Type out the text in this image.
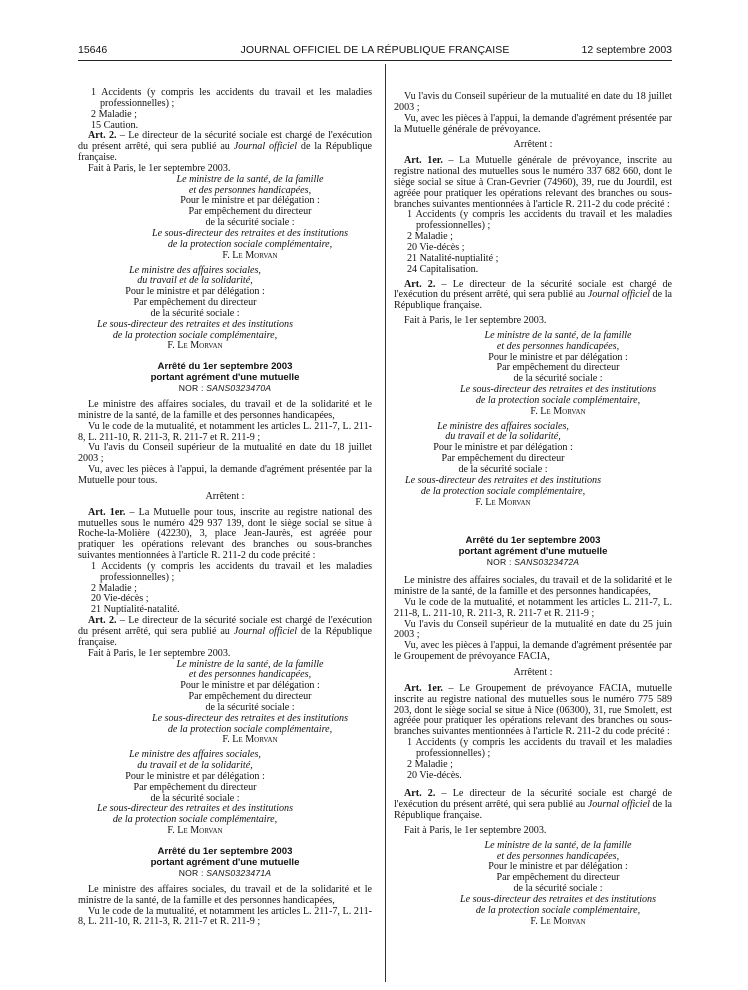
15646	JOURNAL OFFICIEL DE LA RÉPUBLIQUE FRANÇAISE	12 septembre 2003

1 Accidents (y compris les accidents du travail et les maladies professionnelles) ;

2 Maladie ;

15 Caution.

Art. 2. – Le directeur de la sécurité sociale est chargé de l'exécution du présent arrêté, qui sera publié au Journal officiel de la République française.

Fait à Paris, le 1er septembre 2003.

Le ministre de la santé, de la famille

et des personnes handicapées,

Pour le ministre et par délégation :

Par empêchement du directeur

de la sécurité sociale :

Le sous-directeur des retraites et des institutions

de la protection sociale complémentaire,

F. Le Morvan

Le ministre des affaires sociales,

du travail et de la solidarité,

Pour le ministre et par délégation :

Par empêchement du directeur

de la sécurité sociale :

Le sous-directeur des retraites et des institutions

de la protection sociale complémentaire,

F. Le Morvan

Arrêté du 1er septembre 2003

portant agrément d'une mutuelle

NOR : SANS0323470A

Le ministre des affaires sociales, du travail et de la solidarité et le ministre de la santé, de la famille et des personnes handicapées,

Vu le code de la mutualité, et notamment les articles L. 211-7, L. 211-8, L. 211-10, R. 211-3, R. 211-7 et R. 211-9 ;

Vu l'avis du Conseil supérieur de la mutualité en date du 18 juillet 2003 ;

Vu, avec les pièces à l'appui, la demande d'agrément présentée par la Mutuelle pour tous.

Arrêtent :

Art. 1er. – La Mutuelle pour tous, inscrite au registre national des mutuelles sous le numéro 429 937 139, dont le siège social se situe à Roche-la-Molière (42230), 3, place Jean-Jaurès, est agréée pour pratiquer les opérations relevant des branches ou sous-branches suivantes mentionnées à l'article R. 211-2 du code précité :

1 Accidents (y compris les accidents du travail et les maladies professionnelles) ;

2 Maladie ;

20 Vie-décès ;

21 Nuptialité-natalité.

Art. 2. – Le directeur de la sécurité sociale est chargé de l'exécution du présent arrêté, qui sera publié au Journal officiel de la République française.

Fait à Paris, le 1er septembre 2003.

Le ministre de la santé, de la famille

et des personnes handicapées,

Pour le ministre et par délégation :

Par empêchement du directeur

de la sécurité sociale :

Le sous-directeur des retraites et des institutions

de la protection sociale complémentaire,

F. Le Morvan

Le ministre des affaires sociales,

du travail et de la solidarité,

Pour le ministre et par délégation :

Par empêchement du directeur

de la sécurité sociale :

Le sous-directeur des retraites et des institutions

de la protection sociale complémentaire,

F. Le Morvan

Arrêté du 1er septembre 2003

portant agrément d'une mutuelle

NOR : SANS0323471A

Le ministre des affaires sociales, du travail et de la solidarité et le ministre de la santé, de la famille et des personnes handicapées,

Vu le code de la mutualité, et notamment les articles L. 211-7, L. 211-8, L. 211-10, R. 211-3, R. 211-7 et R. 211-9 ;

Vu l'avis du Conseil supérieur de la mutualité en date du 18 juillet 2003 ;

Vu, avec les pièces à l'appui, la demande d'agrément présentée par la Mutuelle générale de prévoyance.

Arrêtent :

Art. 1er. – La Mutuelle générale de prévoyance, inscrite au registre national des mutuelles sous le numéro 337 682 660, dont le siège social se situe à Cran-Gevrier (74960), 39, rue du Jourdil, est agréée pour pratiquer les opérations relevant des branches ou sous-branches suivantes mentionnées à l'article R. 211-2 du code précité :

1 Accidents (y compris les accidents du travail et les maladies professionnelles) ;

2 Maladie ;

20 Vie-décès ;

21 Natalité-nuptialité ;

24 Capitalisation.

Art. 2. – Le directeur de la sécurité sociale est chargé de l'exécution du présent arrêté, qui sera publié au Journal officiel de la République française.

Fait à Paris, le 1er septembre 2003.

Le ministre de la santé, de la famille

et des personnes handicapées,

Pour le ministre et par délégation :

Par empêchement du directeur

de la sécurité sociale :

Le sous-directeur des retraites et des institutions

de la protection sociale complémentaire,

F. Le Morvan

Le ministre des affaires sociales,

du travail et de la solidarité,

Pour le ministre et par délégation :

Par empêchement du directeur

de la sécurité sociale :

Le sous-directeur des retraites et des institutions

de la protection sociale complémentaire,

F. Le Morvan

Arrêté du 1er septembre 2003

portant agrément d'une mutuelle

NOR : SANS0323472A

Le ministre des affaires sociales, du travail et de la solidarité et le ministre de la santé, de la famille et des personnes handicapées,

Vu le code de la mutualité, et notamment les articles L. 211-7, L. 211-8, L. 211-10, R. 211-3, R. 211-7 et R. 211-9 ;

Vu l'avis du Conseil supérieur de la mutualité en date du 25 juin 2003 ;

Vu, avec les pièces à l'appui, la demande d'agrément présentée par le Groupement de prévoyance FACIA,

Arrêtent :

Art. 1er. – Le Groupement de prévoyance FACIA, mutuelle inscrite au registre national des mutuelles sous le numéro 775 589 203, dont le siège social se situe à Nice (06300), 31, rue Smolett, est agréée pour pratiquer les opérations relevant des branches ou sous-branches suivantes mentionnées à l'article R. 211-2 du code précité :

1 Accidents (y compris les accidents du travail et les maladies professionnelles) ;

2 Maladie ;

20 Vie-décès.

Art. 2. – Le directeur de la sécurité sociale est chargé de l'exécution du présent arrêté, qui sera publié au Journal officiel de la République française.

Fait à Paris, le 1er septembre 2003.

Le ministre de la santé, de la famille

et des personnes handicapées,

Pour le ministre et par délégation :

Par empêchement du directeur

de la sécurité sociale :

Le sous-directeur des retraites et des institutions

de la protection sociale complémentaire,

F. Le Morvan
